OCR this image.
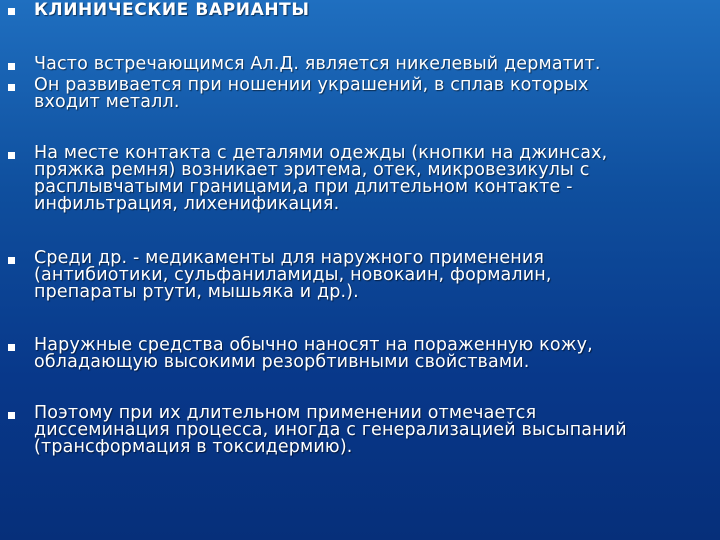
КЛИНИЧЕСКИЕ ВАРИАНТЫ
Часто встречающимся Ал.Д. является никелевый дерматит.
Он развивается при ношении украшений, в сплав которых
входит металл.
На месте контакта с деталями одежды (кнопки на джинсах,
пряжка ремня) возникает эритема, отек, микровезикулы с
расплывчатыми границами,а при длительном контакте -
инфильтрация, лихенификация.
Среди др. - медикаменты для наружного применения
(антибиотики, сульфаниламиды, новокаин, формалин,
препараты ртути, мышьяка и др.).
Наружные средства обычно наносят на пораженную кожу,
обладающую высокими резорбтивными свойствами.
Поэтому при их длительном применении отмечается
диссеминация процесса, иногда с генерализацией высыпаний
(трансформация в токсидермию).
